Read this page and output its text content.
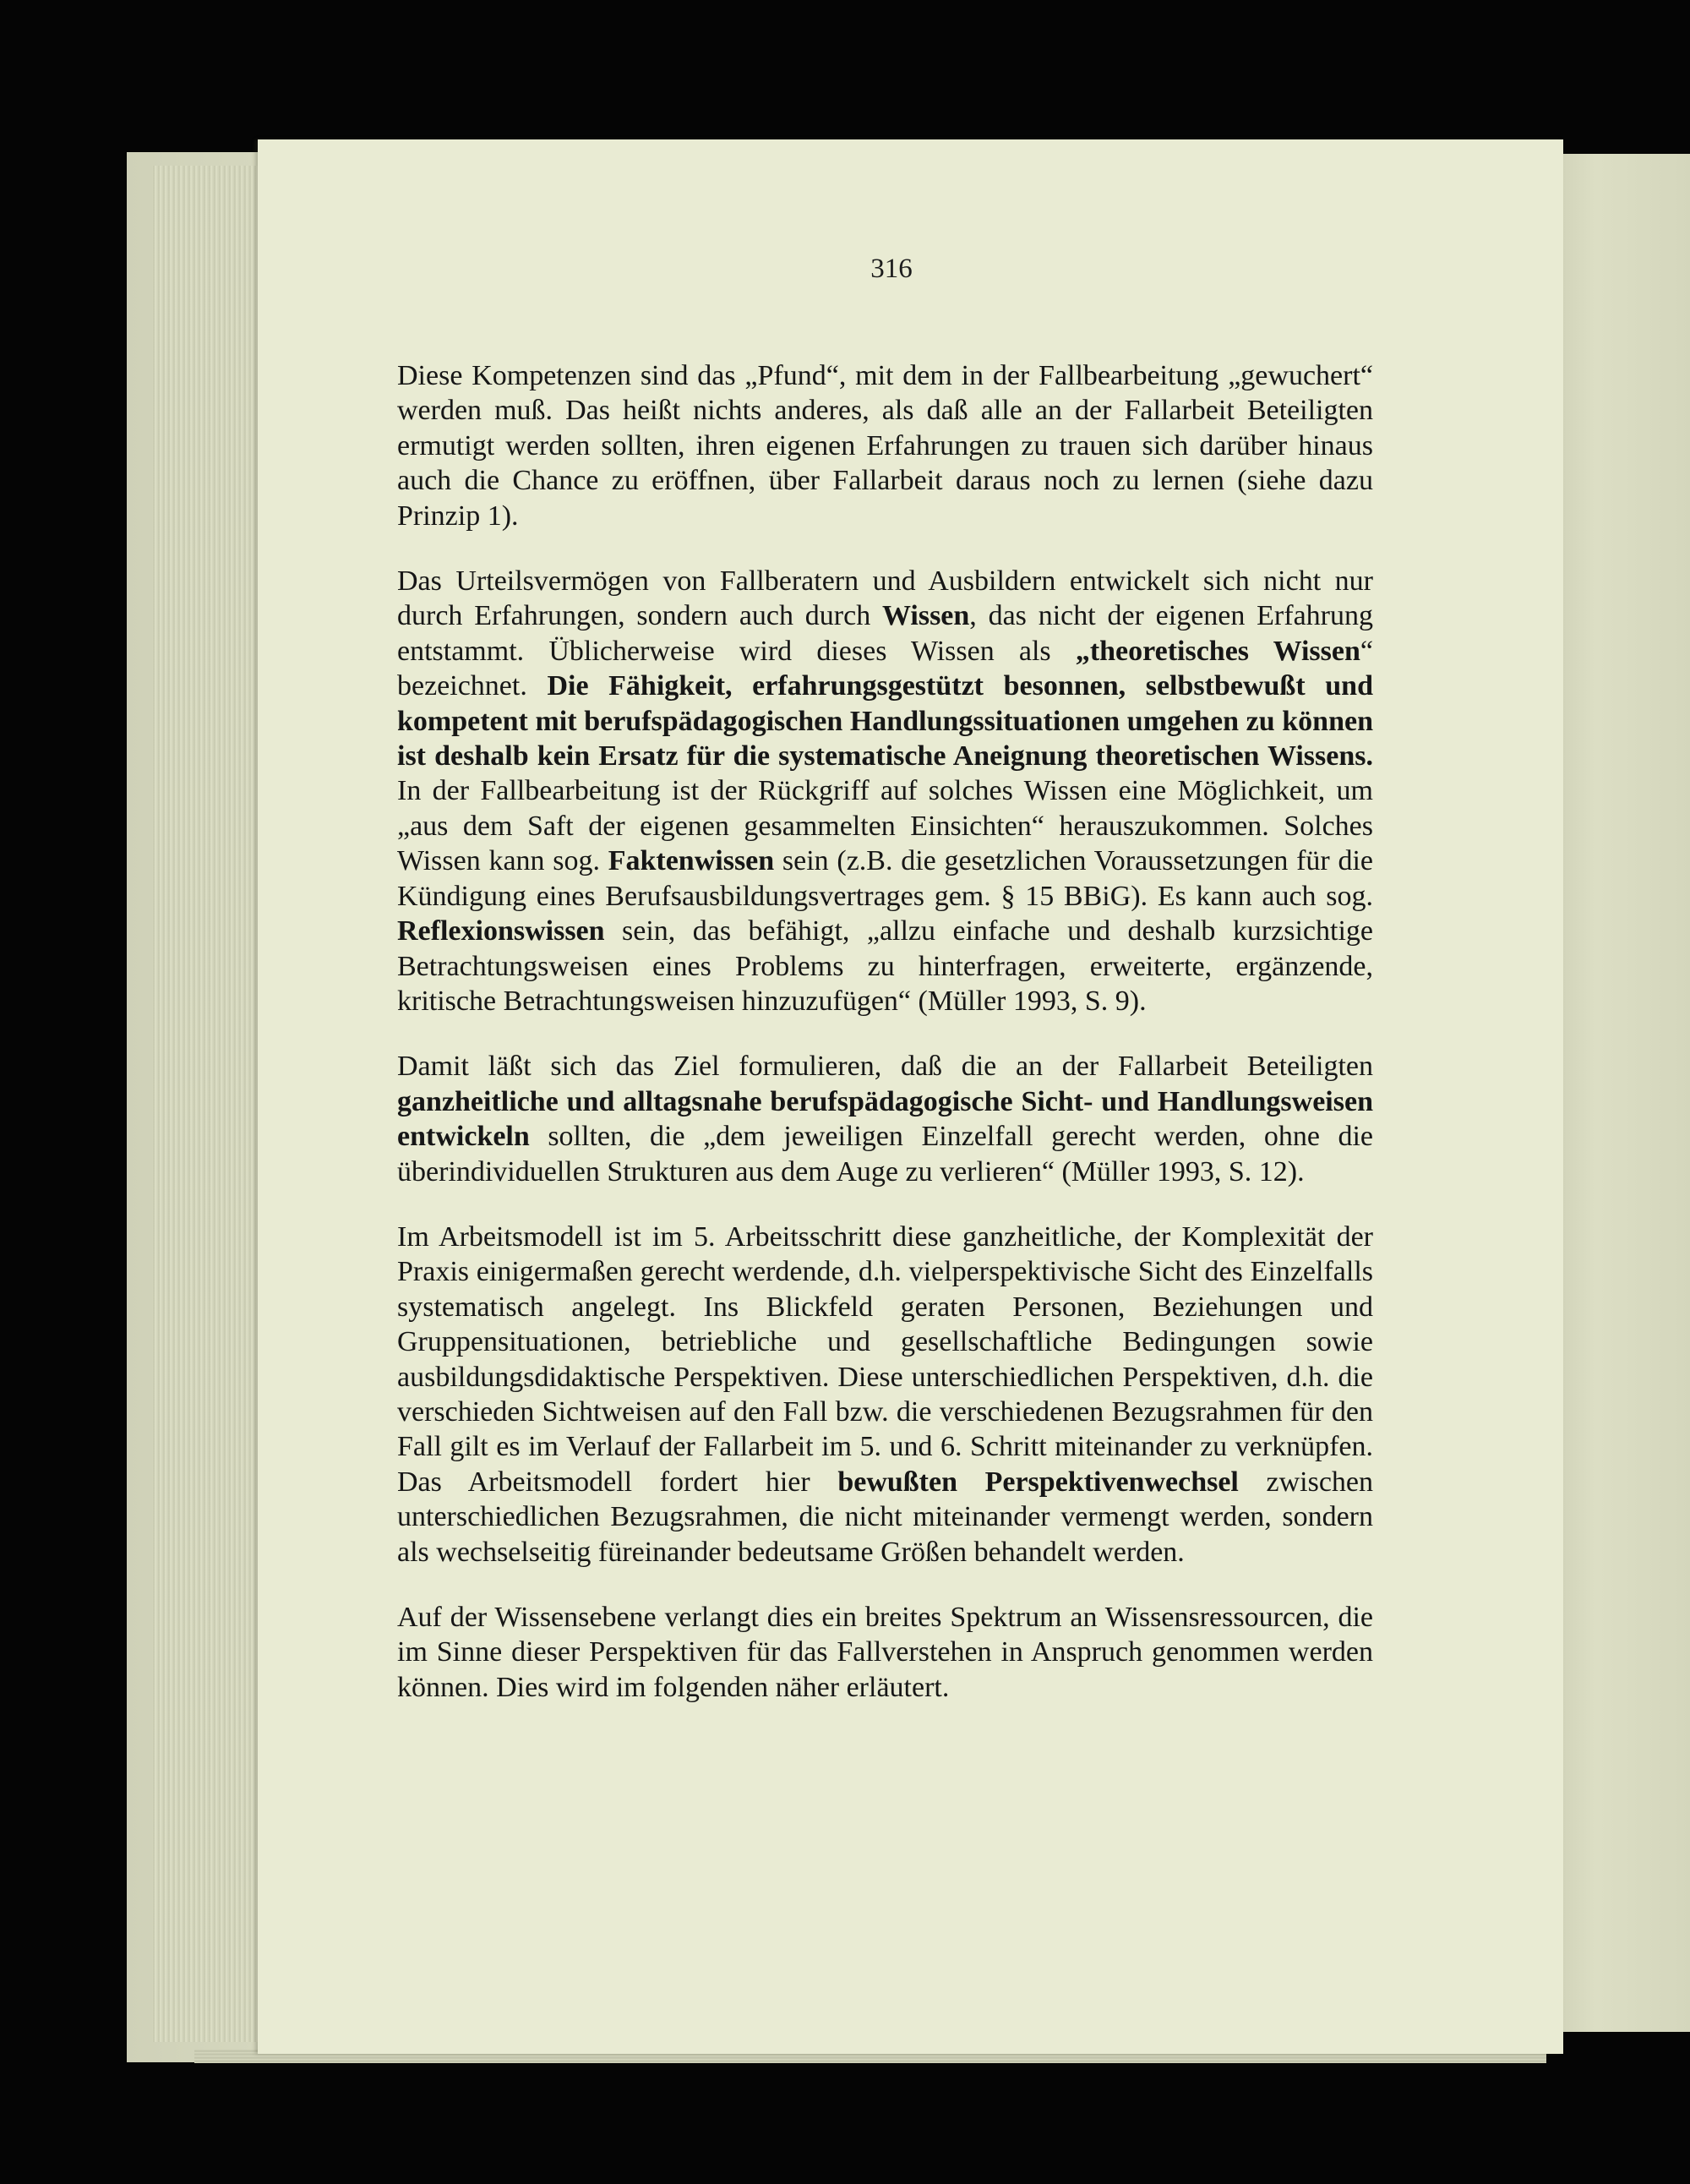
316

Diese Kompetenzen sind das „Pfund“, mit dem in der Fallbearbeitung „gewuchert“ werden muß. Das heißt nichts anderes, als daß alle an der Fallarbeit Beteiligten ermutigt werden sollten, ihren eigenen Erfahrungen zu trauen sich darüber hinaus auch die Chance zu eröffnen, über Fallarbeit daraus noch zu lernen (siehe dazu Prinzip 1).

Das Urteilsvermögen von Fallberatern und Ausbildern entwickelt sich nicht nur durch Erfahrungen, sondern auch durch Wissen, das nicht der eigenen Erfahrung entstammt. Üblicherweise wird dieses Wissen als „theoretisches Wissen“ bezeichnet. Die Fähigkeit, erfahrungsgestützt besonnen, selbstbewußt und kompetent mit berufspädagogischen Handlungssituationen umgehen zu können ist deshalb kein Ersatz für die systematische Aneignung theoretischen Wissens. In der Fallbearbeitung ist der Rückgriff auf solches Wissen eine Möglichkeit, um „aus dem Saft der eigenen gesammelten Einsichten“ herauszukommen. Solches Wissen kann sog. Faktenwissen sein (z.B. die gesetzlichen Voraussetzungen für die Kündigung eines Berufsausbildungsvertrages gem. § 15 BBiG). Es kann auch sog. Reflexionswissen sein, das befähigt, „allzu einfache und deshalb kurzsichtige Betrachtungsweisen eines Problems zu hinterfragen, erweiterte, ergänzende, kritische Betrachtungsweisen hinzuzufügen“ (Müller 1993, S. 9).

Damit läßt sich das Ziel formulieren, daß die an der Fallarbeit Beteiligten ganzheitliche und alltagsnahe berufspädagogische Sicht- und Handlungsweisen entwickeln sollten, die „dem jeweiligen Einzelfall gerecht werden, ohne die überindividuellen Strukturen aus dem Auge zu verlieren“ (Müller 1993, S. 12).

Im Arbeitsmodell ist im 5. Arbeitsschritt diese ganzheitliche, der Komplexität der Praxis einigermaßen gerecht werdende, d.h. vielperspektivische Sicht des Einzelfalls systematisch angelegt. Ins Blickfeld geraten Personen, Beziehungen und Gruppensituationen, betriebliche und gesellschaftliche Bedingungen sowie ausbildungsdidaktische Perspektiven. Diese unterschiedlichen Perspektiven, d.h. die verschieden Sichtweisen auf den Fall bzw. die verschiedenen Bezugsrahmen für den Fall gilt es im Verlauf der Fallarbeit im 5. und 6. Schritt miteinander zu verknüpfen. Das Arbeitsmodell fordert hier bewußten Perspektivenwechsel zwischen unterschiedlichen Bezugsrahmen, die nicht miteinander vermengt werden, sondern als wechselseitig füreinander bedeutsame Größen behandelt werden.

Auf der Wissensebene verlangt dies ein breites Spektrum an Wissensressourcen, die im Sinne dieser Perspektiven für das Fallverstehen in Anspruch genommen werden können. Dies wird im folgenden näher erläutert.
